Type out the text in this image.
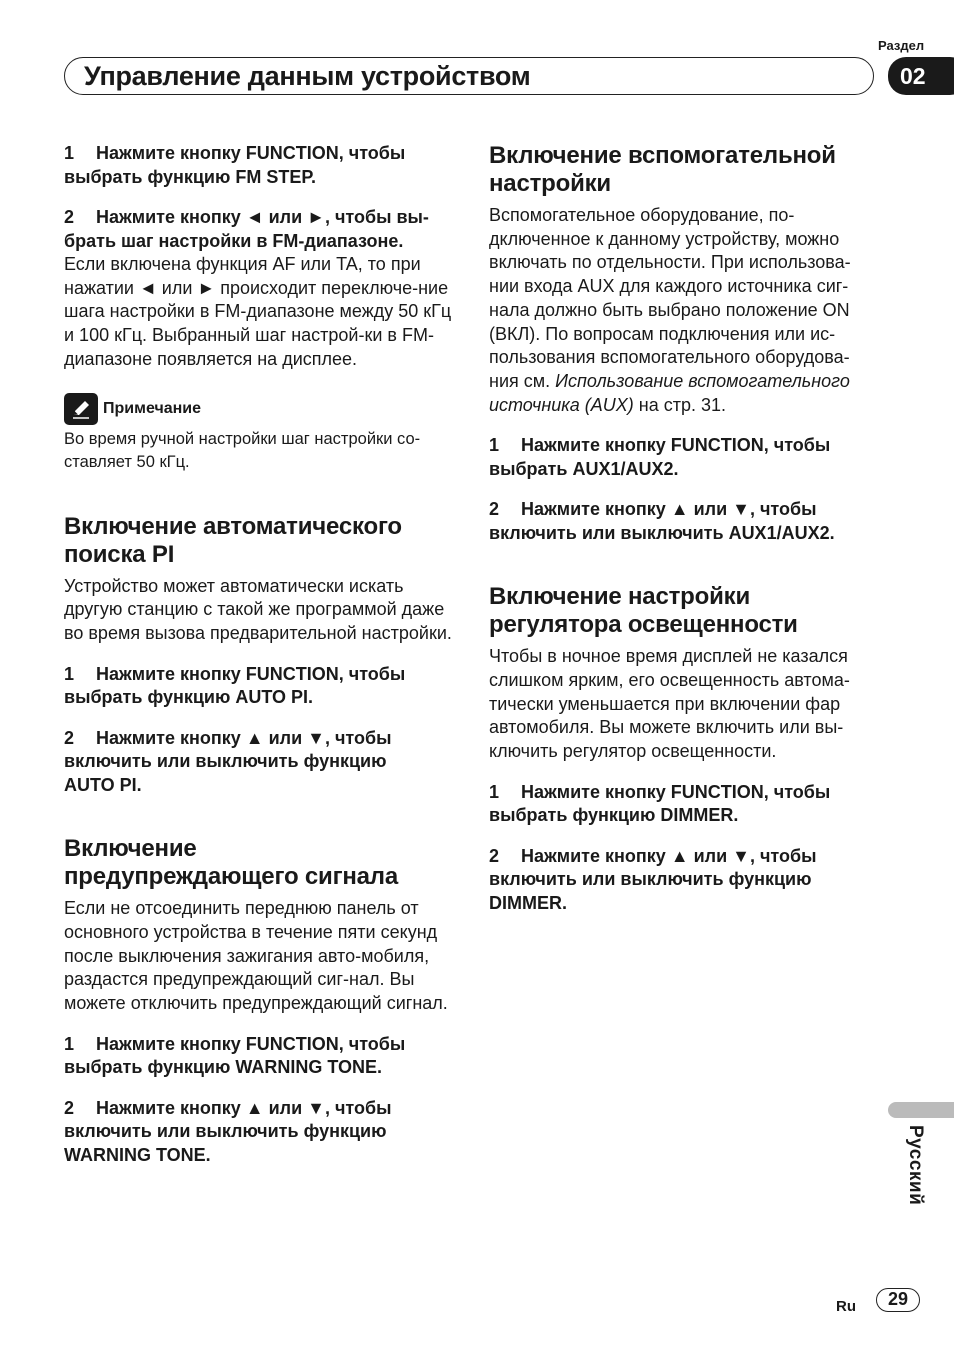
Раздел
Управление данным устройством	02

1 Нажмите кнопку FUNCTION, чтобы выбрать функцию FM STEP.

2 Нажмите кнопку ◄ или ►, чтобы вы-брать шаг настройки в FM-диапазоне.

Если включена функция AF или TA, то при нажатии ◄ или ► происходит переключе-ние шага настройки в FM-диапазоне между 50 кГц и 100 кГц. Выбранный шаг настрой-ки в FM-диапазоне появляется на дисплее.

Примечание

Во время ручной настройки шаг настройки со-ставляет 50 кГц.

Включение автоматического поиска PI

Устройство может автоматически искать другую станцию с такой же программой даже во время вызова предварительной настройки.

1 Нажмите кнопку FUNCTION, чтобы выбрать функцию AUTO PI.

2 Нажмите кнопку ▲ или ▼, чтобы включить или выключить функцию AUTO PI.

Включение предупреждающего сигнала

Если не отсоединить переднюю панель от основного устройства в течение пяти секунд после выключения зажигания авто-мобиля, раздастся предупреждающий сиг-нал. Вы можете отключить предупреждающий сигнал.

1 Нажмите кнопку FUNCTION, чтобы выбрать функцию WARNING TONE.

2 Нажмите кнопку ▲ или ▼, чтобы включить или выключить функцию WARNING TONE.

Включение вспомогательной настройки

Вспомогательное оборудование, по-дключенное к данному устройству, можно включать по отдельности. При использова-нии входа AUX для каждого источника сиг-нала должно быть выбрано положение ON (ВКЛ). По вопросам подключения или ис-пользования вспомогательного оборудова-ния см. Использование вспомогательного источника (AUX) на стр. 31.

1 Нажмите кнопку FUNCTION, чтобы выбрать AUX1/AUX2.

2 Нажмите кнопку ▲ или ▼, чтобы включить или выключить AUX1/AUX2.

Включение настройки регулятора освещенности

Чтобы в ночное время дисплей не казался слишком ярким, его освещенность автома-тически уменьшается при включении фар автомобиля. Вы можете включить или вы-ключить регулятор освещенности.

1 Нажмите кнопку FUNCTION, чтобы выбрать функцию DIMMER.

2 Нажмите кнопку ▲ или ▼, чтобы включить или выключить функцию DIMMER.

Русский
Ru	29
